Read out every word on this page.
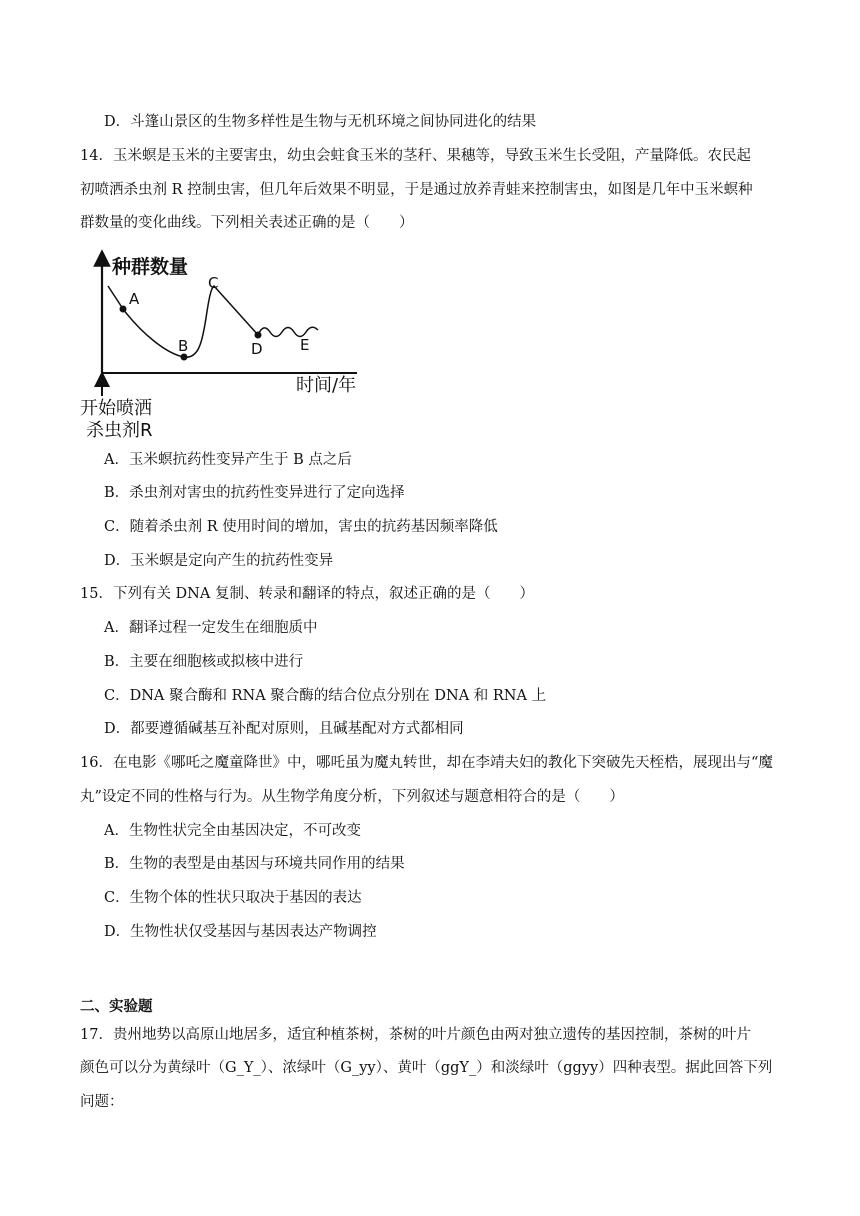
D．斗篷山景区的生物多样性是生物与无机环境之间协同进化的结果
14．玉米螟是玉米的主要害虫，幼虫会蛀食玉米的茎秆、果穗等，导致玉米生长受阻，产量降低。农民起
初喷洒杀虫剂 R 控制虫害，但几年后效果不明显，于是通过放养青蛙来控制害虫，如图是几年中玉米螟种
群数量的变化曲线。下列相关表述正确的是（　　）
种群数量
时间/年
A
B
C
D E
开始喷洒
杀虫剂R
A．玉米螟抗药性变异产生于 B 点之后
B．杀虫剂对害虫的抗药性变异进行了定向选择
C．随着杀虫剂 R 使用时间的增加，害虫的抗药基因频率降低
D．玉米螟是定向产生的抗药性变异
15．下列有关 DNA 复制、转录和翻译的特点，叙述正确的是（　　）
A．翻译过程一定发生在细胞质中
B．主要在细胞核或拟核中进行
C．DNA 聚合酶和 RNA 聚合酶的结合位点分别在 DNA 和 RNA 上
D．都要遵循碱基互补配对原则，且碱基配对方式都相同
16．在电影《哪吒之魔童降世》中，哪吒虽为魔丸转世，却在李靖夫妇的教化下突破先天桎梏，展现出与“魔
丸”设定不同的性格与行为。从生物学角度分析，下列叙述与题意相符合的是（　　）
A．生物性状完全由基因决定，不可改变
B．生物的表型是由基因与环境共同作用的结果
C．生物个体的性状只取决于基因的表达
D．生物性状仅受基因与基因表达产物调控
二、实验题
17．贵州地势以高原山地居多，适宜种植茶树，茶树的叶片颜色由两对独立遗传的基因控制，茶树的叶片
颜色可以分为黄绿叶（G_Y_）、浓绿叶（G_yy）、黄叶（ggY_）和淡绿叶（ggyy）四种表型。据此回答下列
问题：
